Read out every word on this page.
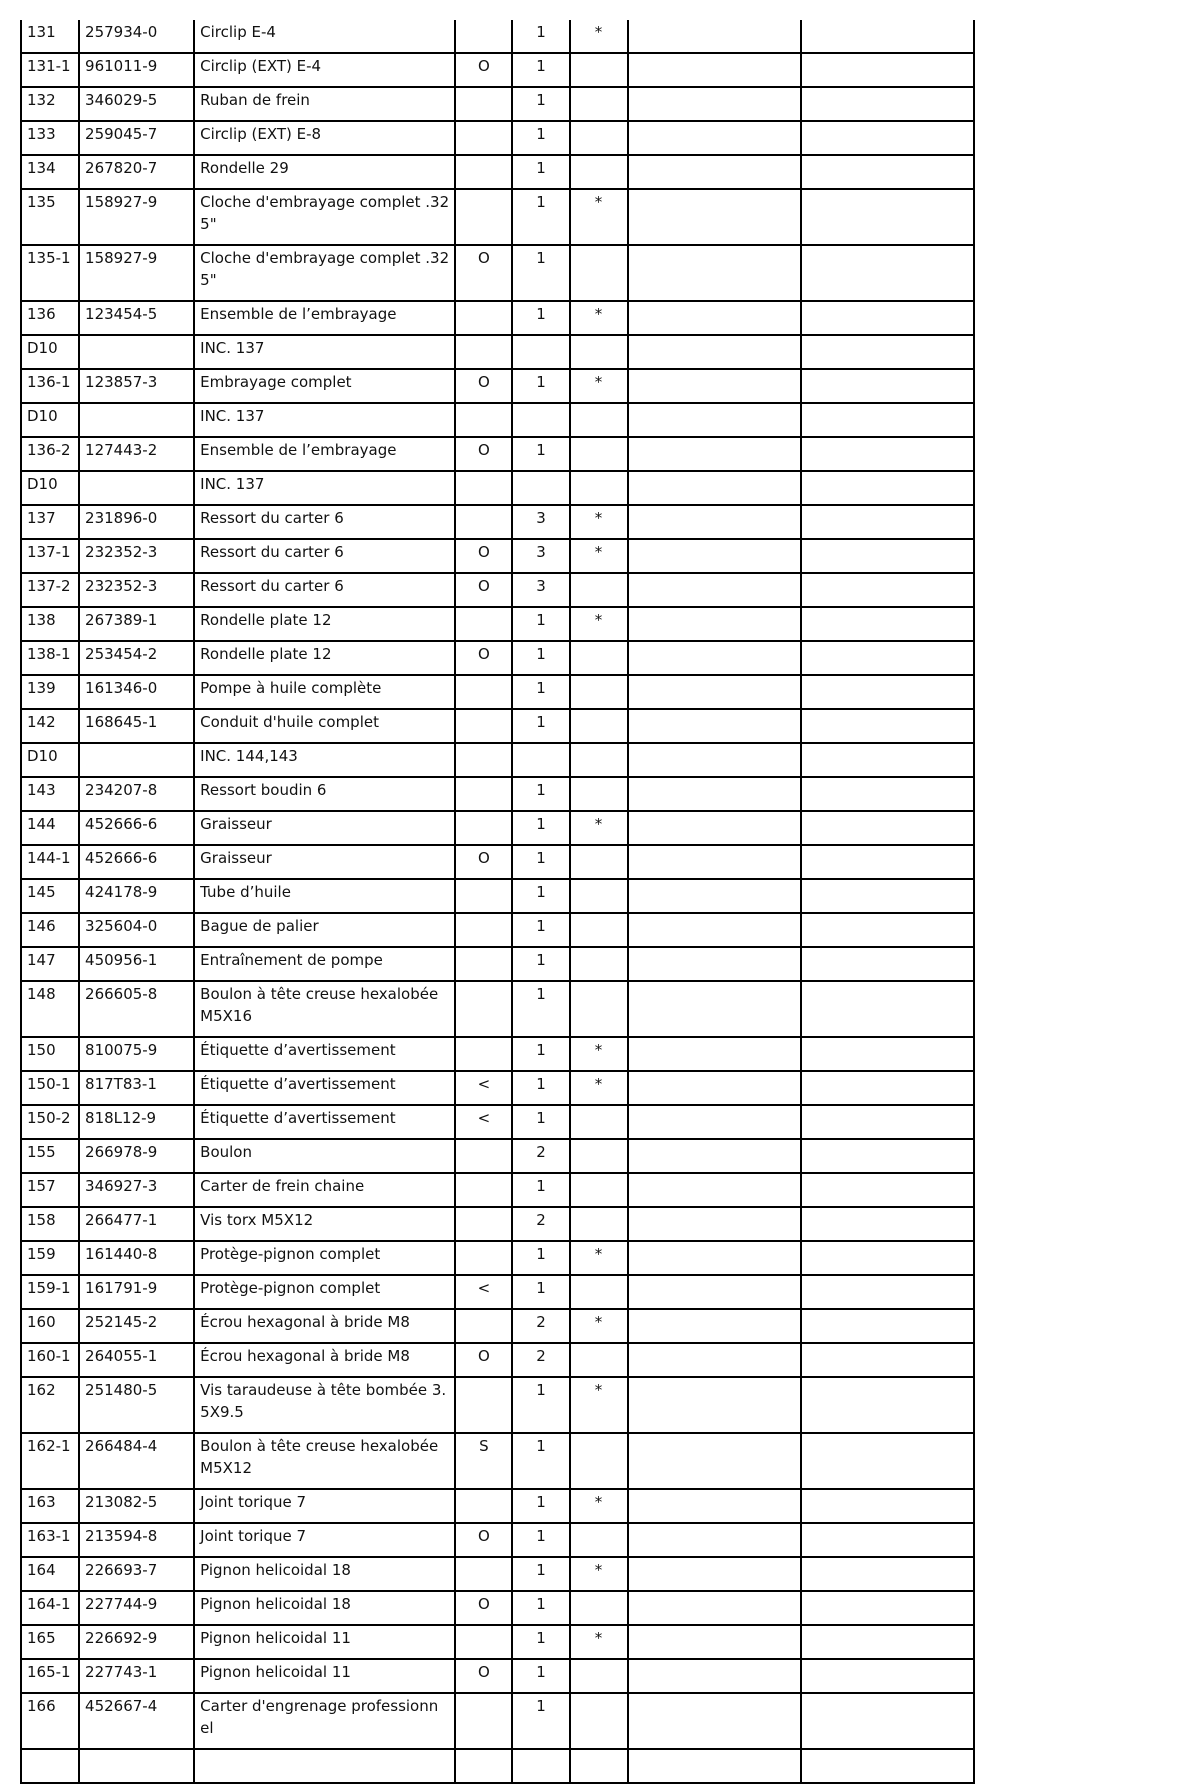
131	257934-0	Circlip E-4		1	*		
131-1	961011-9	Circlip (EXT) E-4	O	1			
132	346029-5	Ruban de frein		1			
133	259045-7	Circlip (EXT) E-8		1			
134	267820-7	Rondelle 29		1			
135	158927-9	Cloche d'embrayage complet .32 5"		1	*		
135-1	158927-9	Cloche d'embrayage complet .32 5"	O	1			
136	123454-5	Ensemble de l’embrayage		1	*		
D10		INC. 137					
136-1	123857-3	Embrayage complet	O	1	*		
D10		INC. 137					
136-2	127443-2	Ensemble de l’embrayage	O	1			
D10		INC. 137					
137	231896-0	Ressort du carter 6		3	*		
137-1	232352-3	Ressort du carter 6	O	3	*		
137-2	232352-3	Ressort du carter 6	O	3			
138	267389-1	Rondelle plate 12		1	*		
138-1	253454-2	Rondelle plate 12	O	1			
139	161346-0	Pompe à huile complète		1			
142	168645-1	Conduit d'huile complet		1			
D10		INC. 144,143					
143	234207-8	Ressort boudin 6		1			
144	452666-6	Graisseur		1	*		
144-1	452666-6	Graisseur	O	1			
145	424178-9	Tube d’huile		1			
146	325604-0	Bague de palier		1			
147	450956-1	Entraînement de pompe		1			
148	266605-8	Boulon à tête creuse hexalobée M5X16		1			
150	810075-9	Étiquette d’avertissement		1	*		
150-1	817T83-1	Étiquette d’avertissement	<	1	*		
150-2	818L12-9	Étiquette d’avertissement	<	1			
155	266978-9	Boulon		2			
157	346927-3	Carter de frein chaine		1			
158	266477-1	Vis torx M5X12		2			
159	161440-8	Protège-pignon complet		1	*		
159-1	161791-9	Protège-pignon complet	<	1			
160	252145-2	Écrou hexagonal à bride M8		2	*		
160-1	264055-1	Écrou hexagonal à bride M8	O	2			
162	251480-5	Vis taraudeuse à tête bombée 3. 5X9.5		1	*		
162-1	266484-4	Boulon à tête creuse hexalobée M5X12	S	1			
163	213082-5	Joint torique 7		1	*		
163-1	213594-8	Joint torique 7	O	1			
164	226693-7	Pignon helicoidal 18		1	*		
164-1	227744-9	Pignon helicoidal 18	O	1			
165	226692-9	Pignon helicoidal 11		1	*		
165-1	227743-1	Pignon helicoidal 11	O	1			
166	452667-4	Carter d'engrenage professionn el		1			
